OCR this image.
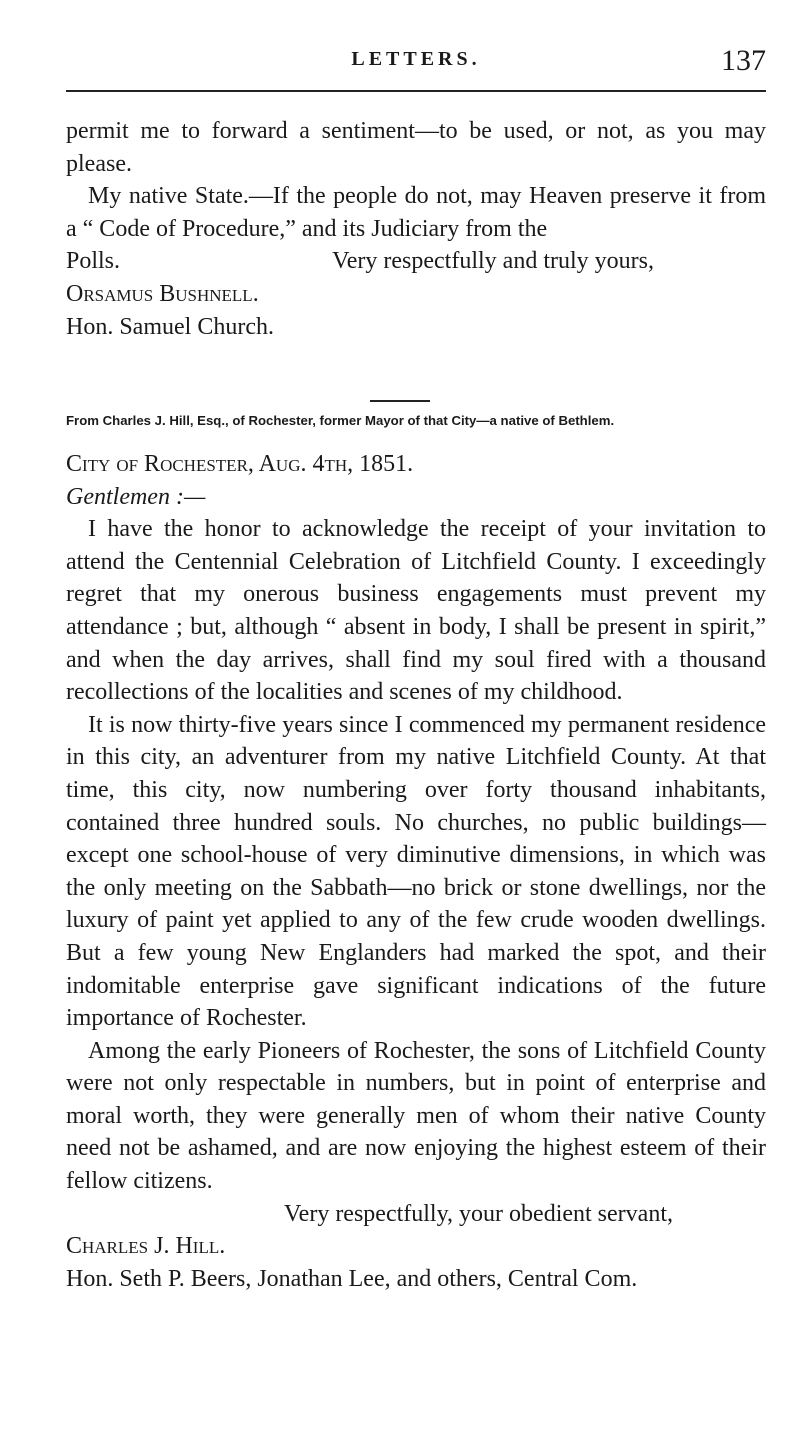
LETTERS.	137

permit me to forward a sentiment—to be used, or not, as you may please.

My native State.—If the people do not, may Heaven preserve it from a “ Code of Procedure,” and its Judiciary from the

Polls.	Very respectfully and truly yours,

Orsamus Bushnell.

Hon. Samuel Church.

From Charles J. Hill, Esq., of Rochester, former Mayor of that City—a native of Bethlem.

City of Rochester, Aug. 4th, 1851.

Gentlemen :—

I have the honor to acknowledge the receipt of your invitation to attend the Centennial Celebration of Litchfield County. I exceedingly regret that my onerous business engagements must prevent my attendance ; but, although “ absent in body, I shall be present in spirit,” and when the day arrives, shall find my soul fired with a thousand recollections of the localities and scenes of my childhood.

It is now thirty-five years since I commenced my permanent residence in this city, an adventurer from my native Litchfield County. At that time, this city, now numbering over forty thousand inhabitants, contained three hundred souls. No churches, no public buildings—except one school-house of very diminutive dimensions, in which was the only meeting on the Sabbath—no brick or stone dwellings, nor the luxury of paint yet applied to any of the few crude wooden dwellings. But a few young New Englanders had marked the spot, and their indomitable enterprise gave significant indications of the future importance of Rochester.

Among the early Pioneers of Rochester, the sons of Litchfield County were not only respectable in numbers, but in point of enterprise and moral worth, they were generally men of whom their native County need not be ashamed, and are now enjoying the highest esteem of their fellow citizens.

Very respectfully, your obedient servant,

Charles J. Hill.

Hon. Seth P. Beers, Jonathan Lee, and others, Central Com.
